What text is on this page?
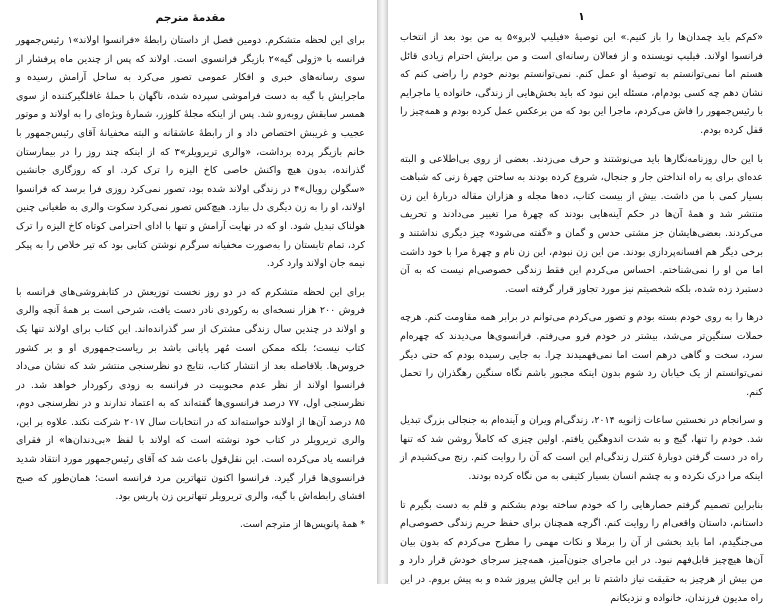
مقدمهٔ مترجم

برای این لحظه متشکرم. دومین فصل از داستان رابطهٔ «فرانسوا اولاند»۱ رئیس‌جمهور فرانسه با «ژولی گیه»۲ بازیگر فرانسوی است. اولاند که پس از چندین ماه پرفشار از سوی رسانه‌های خبری و افکار عمومی تصور می‌کرد به ساحل آرامش رسیده و ماجرایش با گیه به دست فراموشی سپرده شده، ناگهان با حملهٔ غافلگیرکننده از سوی همسر سابقش روبه‌رو شد. پس از اینکه مجلهٔ کلوزر، شمارهٔ ویژه‌ای را به اولاند و موتور عجیب و غریبش اختصاص داد و از رابطهٔ عاشقانه و البته مخفیانهٔ آقای رئیس‌جمهور با خانم بازیگر پرده برداشت، «والری تریرویلر»۳ که از اینکه چند روز را در بیمارستان گذرانده، بدون هیچ واکنش خاصی کاخ الیزه را ترک کرد. او که روزگاری جانشین «سگولن رویال»۴ در زندگی اولاند شده بود، تصور نمی‌کرد روزی فرا برسد که فرانسوا اولاند، او را به زن دیگری دل ببازد. هیچ‌کس تصور نمی‌کرد سکوت والری به طغیانی چنین هولناک تبدیل شود. او که در نهایت آرامش و تنها با ادای احترامی کوتاه کاخ الیزه را ترک کرد، تمام تابستان را به‌صورت مخفیانه سرگرم نوشتن کتابی بود که تیر خلاص را به پیکر نیمه جان اولاند وارد کرد.

برای این لحظه متشکرم که در دو روز نخست توزیعش در کتابفروشی‌های فرانسه با فروش ۲۰۰ هزار نسخه‌ای به رکوردی نادر دست یافت، شرحی است بر همهٔ آنچه والری و اولاند در چندین سال زندگی مشترک از سر گذرانده‌اند. این کتاب برای اولاند تنها یک کتاب نیست؛ بلکه ممکن است مُهر پایانی باشد بر ریاست‌جمهوری او و بر کشور خروس‌ها. بلافاصله بعد از انتشار کتاب، نتایج دو نظرسنجی منتشر شد که نشان می‌داد فرانسوا اولاند از نظر عدم محبوبیت در فرانسه به زودی رکوردار خواهد شد. در نظرسنجی اول، ۷۷ درصد فرانسوی‌ها گفته‌اند که به اعتماد ندارند و در نظرسنجی دوم، ۸۵ درصد آن‌ها از اولاند خواسته‌اند که در انتخابات سال ۲۰۱۷ شرکت نکند. علاوه بر این، والری تریرویلر در کتاب خود نوشته است که اولاند با لفظ «بی‌دندان‌ها» از فقرای فرانسه یاد می‌کرده است. این نقل‌قول باعث شد که آقای رئیس‌جمهور مورد انتقاد شدید فرانسوی‌ها قرار گیرد. فرانسوا اکنون تنهاترین مرد فرانسه است؛ همان‌طور که صبح افشای رابطه‌اش با گیه، والری تریرویلر تنهاترین زن پاریس بود.

* همهٔ پانویس‌ها از مترجم است.

۱

«کم‌کم باید چمدان‌ها را باز کنیم.» این توصیهٔ «فیلیپ لابرو»۵ به من بود بعد از انتخاب فرانسوا اولاند. فیلیپ نویسنده و از فعالان رسانه‌ای است و من برایش احترام زیادی قائل هستم اما نمی‌توانستم به توصیهٔ او عمل کنم. نمی‌توانستم بودنم خودم را راضی کنم که نشان دهم چه کسی بودم‌ام، مسئله این نبود که باید بخش‌هایی از زندگی، خانواده یا ماجرایم با رئیس‌جمهور را فاش می‌کردم، ماجرا این بود که من برعکس عمل کرده بودم و همه‌چیز را قفل کرده بودم.

با این حال روزنامه‌نگارها باید می‌نوشتند و حرف می‌زدند. بعضی از روی بی‌اطلاعی و البته عده‌ای برای به راه انداختن جار و جنجال، شروع کرده بودند به ساختن چهرهٔ زنی که شباهت بسیار کمی با من داشت. بیش از بیست کتاب، ده‌ها مجله و هزاران مقاله دربارهٔ این زن منتشر شد و همهٔ آن‌ها در حکم آینه‌هایی بودند که چهرهٔ مرا تغییر می‌دادند و تحریف می‌کردند. بعضی‌هایشان جز مشتی حدس و گمان و «گفته می‌شود» چیز دیگری نداشتند و برخی دیگر هم افسانه‌پردازی بودند. من این زن نبودم، این زن نام و چهرهٔ مرا با خود داشت اما من او را نمی‌شناختم. احساس می‌کردم این فقط زندگی خصوصی‌ام نیست که به آن دستبرد زده شده، بلکه شخصیتم نیز مورد تجاوز قرار گرفته است.

درها را به روی خودم بسته بودم و تصور می‌کردم می‌توانم در برابر همه مقاومت کنم. هرچه حملات سنگین‌تر می‌شد، بیشتر در خودم فرو می‌رفتم. فرانسوی‌ها می‌دیدند که چهره‌ام سرد، سخت و گاهی درهم است اما نمی‌فهمیدند چرا. به جایی رسیده بودم که حتی دیگر نمی‌توانستم از یک خیابان رد شوم بدون اینکه مجبور باشم نگاه سنگین رهگذران را تحمل کنم.

و سرانجام در نخستین ساعات ژانویه ۲۰۱۴، زندگی‌ام ویران و آینده‌ام به جنجالی بزرگ تبدیل شد. خودم را تنها، گیج و به شدت اندوهگین یافتم. اولین چیزی که کاملاً روشن شد که تنها راه در دست گرفتن دوبارهٔ کنترل زندگی‌ام این است که آن را روایت کنم. رنج می‌کشیدم از اینکه مرا درک نکرده و به چشم انسان بسیار کثیفی به من نگاه کرده بودند.

بنابراین تصمیم گرفتم حصارهایی را که خودم ساخته بودم بشکنم و قلم به دست بگیرم تا داستانم، داستان واقعی‌ام را روایت کنم. اگرچه همچنان برای حفظ حریم زندگی خصوصی‌ام می‌جنگیدم، اما باید بخشی از آن را برملا و نکات مهمی را مطرح می‌کردم که بدون بیان آن‌ها هیچ‌چیز قابل‌فهم نبود. در این ماجرای جنون‌آمیز، همه‌چیز سرجای خودش قرار دارد و من بیش از هرچیز به حقیقت نیاز داشتم تا بر این چالش پیروز شده و به پیش بروم. در این راه مدیون فرزندان، خانواده و نزدیکانم
